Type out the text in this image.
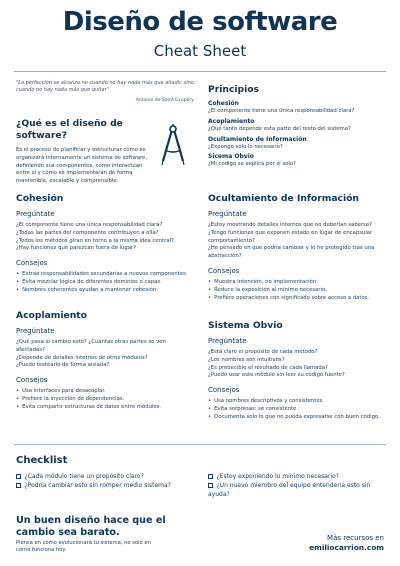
Diseño de software
Cheat Sheet
"La perfección se alcanza no cuando no hay nada más que añadir, sino cuando no hay nada más que quitar"
Antoine de Saint Exupéry
¿Qué es el diseño de software?
Es el proceso de planificar y estructurar cómo se organizará internamente un sistema de software, definiendo sus componentes, cómo interactúan entre sí y cómo se implementarán de forma mantenible, escalable y comprensible.
Principios
Cohesión
¿El componente tiene una única responsabilidad clara?
Acoplamiento
¿Qué tanto depende esta parte del resto del sistema?
Ocultamiento de Información
¿Expongo solo lo necesario?
Sicema Obvio
¿Mi código se explica por sí solo?
Cohesión
Pregúntate
¿El componente tiene una única responsabilidad clara?
¿Todas las partes del componente contribuyen a ella?
¿Todos los métodos giran en torno a la misma idea central?
¿Hay funciones que parezcan fuera de lugar?
Consejos
• Extrae responsabilidades secundarias a nuevos componentes.
• Evita mezclar lógica de diferentes dominios o capas.
• Nombres coherentes ayudan a mantener cohesión.
Acoplamiento
Pregúntate
¿Qué pasa si cambio esto? ¿Cuántas otras partes se ven afectadas?
¿Depende de detalles internos de otros módulos?
¿Puedo testearlo de forma aislada?
Consejos
• Usa interfaces para desacoplar.
• Prefiere la inyección de dependencias.
• Evita compartir estructuras de datos entre módulos.
Ocultamiento de Información
Pregúntate
¿Estoy mostrando detalles internos que no deberían saberse?
¿Tengo funciones que exponen estado en lugar de encapsular comportamiento?
¿He pensado en qué podría cambiar y lo he protegido tras una abstracción?
Consejos
• Muestra intención, no implementación.
• Reduce la exposición al mínimo necesario.
• Prefiere operaciones con significado sobre acceso a datos.
Sistema Obvio
Pregúntate
¿Está claro el propósito de cada método?
¿Los nombres son intuitivos?
¿Es predecible el resultado de cada llamada?
¿Puedo usar este módulo sin leer su código fuente?
Consejos
• Usa nombres descriptivos y consistentes.
• Evita sorpresas: sé consistente.
• Documenta solo lo que no pueda expresarse con buen código.
Checklist
¿Cada módulo tiene un propósito claro?
¿Podría cambiar esto sin romper medio sistema?
¿Estoy exponiendo lo mínimo necesario?
¿Un nuevo miembro del equipo entendería esto sin ayuda?
Un buen diseño hace que el cambio sea barato.
Piensa en cómo evolucionará tu sistema, no solo en cómo funciona hoy.
Más recursos en
emiliocarrion.com
